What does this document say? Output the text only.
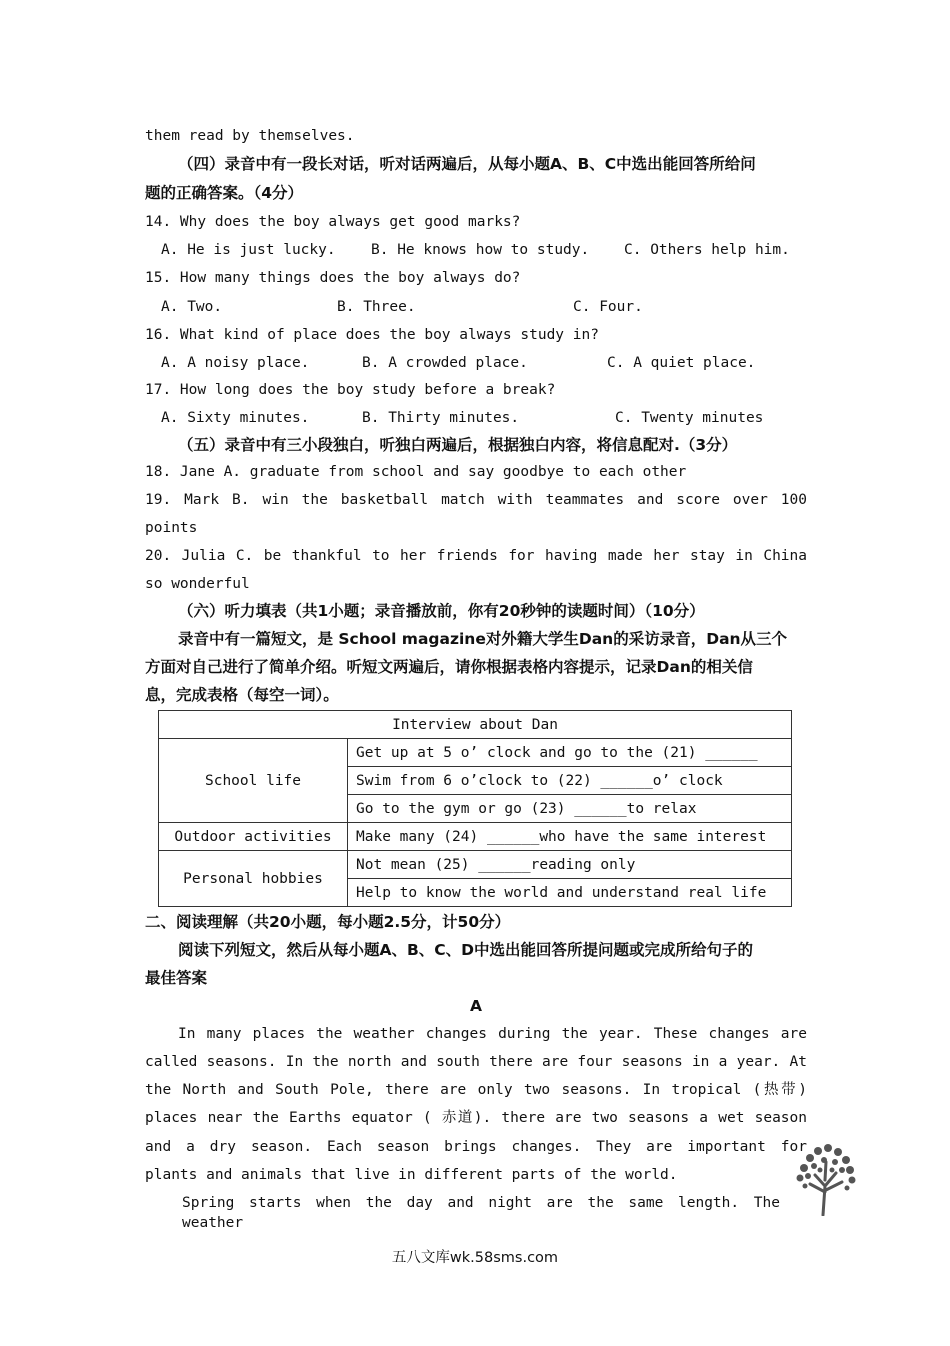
them read by themselves.
（四）录音中有一段长对话，听对话两遍后，从每小题A、B、C中选出能回答所给问
题的正确答案。（4分）
14. Why does the boy always get good marks?
A. He is just lucky. B. He knows how to study. C. Others help him.
15. How many things does the boy always do?
A. Two.	B. Three.	C. Four.
16. What kind of place does the boy always study in?
A. A noisy place.	B. A crowded place.	C. A quiet place.
17. How long does the boy study before a break?
A. Sixty minutes.	B. Thirty minutes.	C. Twenty minutes
（五）录音中有三小段独白，听独白两遍后，根据独白内容，将信息配对.（3分）
18. Jane A. graduate from school and say goodbye to each other
19. Mark B. win the basketball match with teammates and score over 100
points
20. Julia C. be thankful to her friends for having made her stay in China
so wonderful
（六）听力填表（共1小题；录音播放前，你有20秒钟的读题时间）（10分）
录音中有一篇短文，是 School magazine对外籍大学生Dan的采访录音，Dan从三个
方面对自己进行了简单介绍。听短文两遍后，请你根据表格内容提示，记录Dan的相关信
息，完成表格（每空一词）。
Interview about Dan	
School life	Get up at 5 o’ clock and go to the (21) ______
	Swim from 6 o’clock to (22) ______o’ clock
	Go to the gym or go (23) ______to relax
Outdoor activities	Make many (24) ______who have the same interest
Personal hobbies	Not mean (25) ______reading only
	Help to know the world and understand real life
二、阅读理解（共20小题，每小题2.5分，计50分）
阅读下列短文，然后从每小题A、B、C、D中选出能回答所提问题或完成所给句子的
最佳答案
A
In many places the weather changes during the year. These changes are
called seasons. In the north and south there are four seasons in a year. At
the North and South Pole, there are only two seasons. In tropical (热带)
places near the Earths equator ( 赤道). there are two seasons a wet season
and a dry season. Each season brings changes. They are important for
plants and animals that live in different parts of the world.
Spring starts when the day and night are the same length. The weather
五八文库wk.58sms.com
